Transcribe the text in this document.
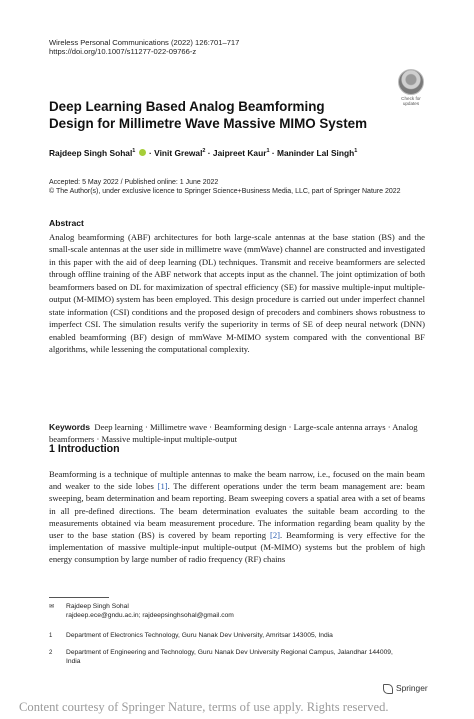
Wireless Personal Communications (2022) 126:701–717
https://doi.org/10.1007/s11277-022-09766-z
Check for
updates
Deep Learning Based Analog Beamforming Design for Millimetre Wave Massive MIMO System
Rajdeep Singh Sohal$^1$  · Vinit Grewal$^2$ · Jaipreet Kaur$^1$ · Maninder Lal Singh$^1$
Accepted: 5 May 2022 / Published online: 1 June 2022
© The Author(s), under exclusive licence to Springer Science+Business Media, LLC, part of Springer Nature 2022
Abstract
Analog beamforming (ABF) architectures for both large-scale antennas at the base station (BS) and the small-scale antennas at the user side in millimetre wave (mmWave) channel are constructed and investigated in this paper with the aid of deep learning (DL) techniques. Transmit and receive beamformers are selected through offline training of the ABF network that accepts input as the channel. The joint optimization of both beamformers based on DL for maximization of spectral efficiency (SE) for massive multiple-input multiple-output (M-MIMO) system has been employed. This design procedure is carried out under imperfect channel state information (CSI) conditions and the proposed design of precoders and combiners shows robustness to imperfect CSI. The simulation results verify the superiority in terms of SE of deep neural network (DNN) enabled beamforming (BF) design of mmWave M-MIMO system compared with the conventional BF algorithms, while lessening the computational complexity.
Keywords Deep learning · Millimetre wave · Beamforming design · Large-scale antenna arrays · Analog beamformers · Massive multiple-input multiple-output
1 Introduction
Beamforming is a technique of multiple antennas to make the beam narrow, i.e., focused on the main beam and weaker to the side lobes [1]. The different operations under the term beam management are: beam sweeping, beam determination and beam reporting. Beam sweeping covers a spatial area with a set of beams in all pre-defined directions. The beam determination evaluates the suitable beam according to the measurements obtained via beam measurement procedure. The information regarding beam quality by the user to the base station (BS) is covered by beam reporting [2]. Beamforming is very effective for the implementation of massive multiple-input multiple-output (M-MIMO) systems but the problem of high energy consumption by large number of radio frequency (RF) chains
✉ Rajdeep Singh Sohal
rajdeep.ece@gndu.ac.in; rajdeepsinghsohal@gmail.com
1 Department of Electronics Technology, Guru Nanak Dev University, Amritsar 143005, India
2 Department of Engineering and Technology, Guru Nanak Dev University Regional Campus, Jalandhar 144009, India
Springer
Content courtesy of Springer Nature, terms of use apply. Rights reserved.
